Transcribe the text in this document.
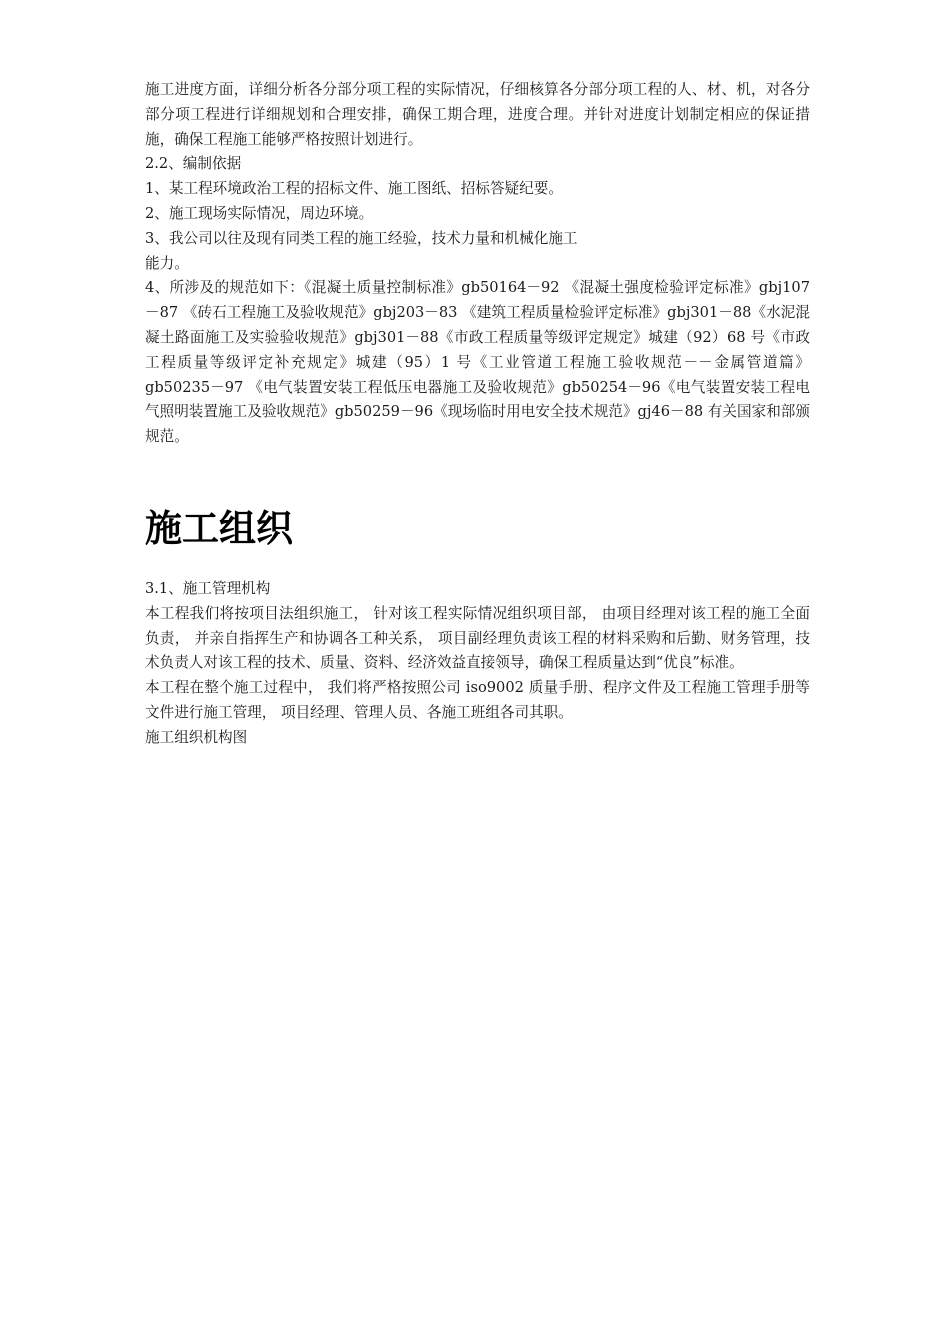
施工进度方面，详细分析各分部分项工程的实际情况，仔细核算各分部分项工程的人、材、机，对各分部分项工程进行详细规划和合理安排，确保工期合理，进度合理。并针对进度计划制定相应的保证措施，确保工程施工能够严格按照计划进行。

2.2、编制依据

1、某工程环境政治工程的招标文件、施工图纸、招标答疑纪要。

2、施工现场实际情况，周边环境。

3、我公司以往及现有同类工程的施工经验，技术力量和机械化施工

能力。

4、所涉及的规范如下：《混凝土质量控制标准》gb50164－92 《混凝土强度检验评定标准》gbj107－87 《砖石工程施工及验收规范》gbj203－83 《建筑工程质量检验评定标准》gbj301－88《水泥混凝土路面施工及实验验收规范》gbj301－88《市政工程质量等级评定规定》城建（92）68 号《市政工程质量等级评定补充规定》城建（95）1 号《工业管道工程施工验收规范－－金属管道篇》 gb50235－97 《电气装置安装工程低压电器施工及验收规范》gb50254－96《电气装置安装工程电气照明装置施工及验收规范》gb50259－96《现场临时用电安全技术规范》gj46－88 有关国家和部颁规范。

施工组织

3.1、施工管理机构

本工程我们将按项目法组织施工， 针对该工程实际情况组织项目部， 由项目经理对该工程的施工全面负责， 并亲自指挥生产和协调各工种关系， 项目副经理负责该工程的材料采购和后勤、财务管理，技术负责人对该工程的技术、质量、资料、经济效益直接领导，确保工程质量达到“优良”标准。

本工程在整个施工过程中， 我们将严格按照公司 iso9002 质量手册、程序文件及工程施工管理手册等文件进行施工管理， 项目经理、管理人员、各施工班组各司其职。

施工组织机构图
